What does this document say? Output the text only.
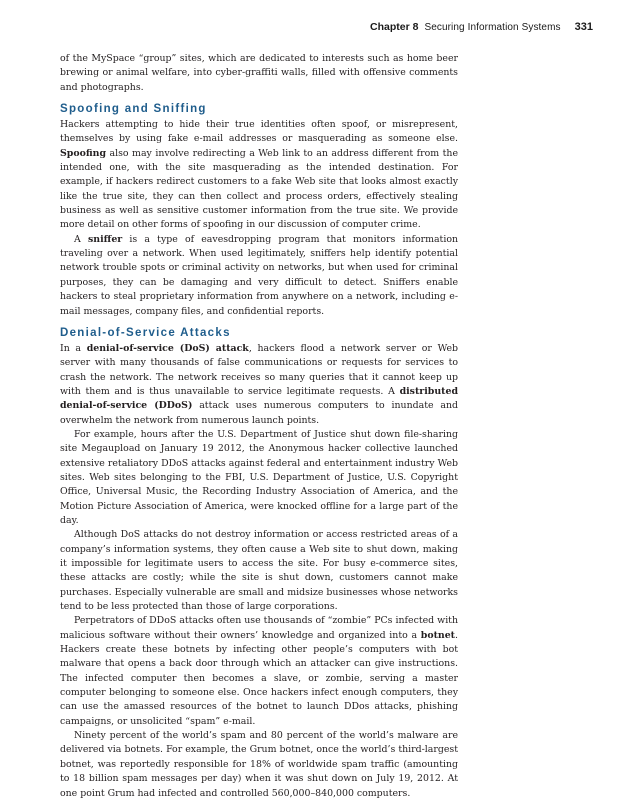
Chapter 8 Securing Information Systems 331

of the MySpace “group” sites, which are dedicated to interests such as home beer brewing or animal welfare, into cyber-graffiti walls, filled with offensive comments and photographs.

Spoofing and Sniffing

Hackers attempting to hide their true identities often spoof, or misrepresent, themselves by using fake e-mail addresses or masquerading as someone else. Spoofing also may involve redirecting a Web link to an address different from the intended one, with the site masquerading as the intended destination. For example, if hackers redirect customers to a fake Web site that looks almost exactly like the true site, they can then collect and process orders, effectively stealing business as well as sensitive customer information from the true site. We provide more detail on other forms of spoofing in our discussion of computer crime.

A sniffer is a type of eavesdropping program that monitors information traveling over a network. When used legitimately, sniffers help identify potential network trouble spots or criminal activity on networks, but when used for criminal purposes, they can be damaging and very difficult to detect. Sniffers enable hackers to steal proprietary information from anywhere on a network, including e-mail messages, company files, and confidential reports.

Denial-of-Service Attacks

In a denial-of-service (DoS) attack, hackers flood a network server or Web server with many thousands of false communications or requests for services to crash the network. The network receives so many queries that it cannot keep up with them and is thus unavailable to service legitimate requests. A distributed denial-of-service (DDoS) attack uses numerous computers to inundate and overwhelm the network from numerous launch points.

For example, hours after the U.S. Department of Justice shut down file-sharing site Megaupload on January 19 2012, the Anonymous hacker collective launched extensive retaliatory DDoS attacks against federal and entertainment industry Web sites. Web sites belonging to the FBI, U.S. Department of Justice, U.S. Copyright Office, Universal Music, the Recording Industry Association of America, and the Motion Picture Association of America, were knocked offline for a large part of the day.

Although DoS attacks do not destroy information or access restricted areas of a company’s information systems, they often cause a Web site to shut down, making it impossible for legitimate users to access the site. For busy e-commerce sites, these attacks are costly; while the site is shut down, customers cannot make purchases. Especially vulnerable are small and midsize businesses whose networks tend to be less protected than those of large corporations.

Perpetrators of DDoS attacks often use thousands of “zombie” PCs infected with malicious software without their owners’ knowledge and organized into a botnet. Hackers create these botnets by infecting other people’s computers with bot malware that opens a back door through which an attacker can give instructions. The infected computer then becomes a slave, or zombie, serving a master computer belonging to someone else. Once hackers infect enough computers, they can use the amassed resources of the botnet to launch DDos attacks, phishing campaigns, or unsolicited “spam” e-mail.

Ninety percent of the world’s spam and 80 percent of the world’s malware are delivered via botnets. For example, the Grum botnet, once the world’s third-largest botnet, was reportedly responsible for 18% of worldwide spam traffic (amounting to 18 billion spam messages per day) when it was shut down on July 19, 2012. At one point Grum had infected and controlled 560,000–840,000 computers.
